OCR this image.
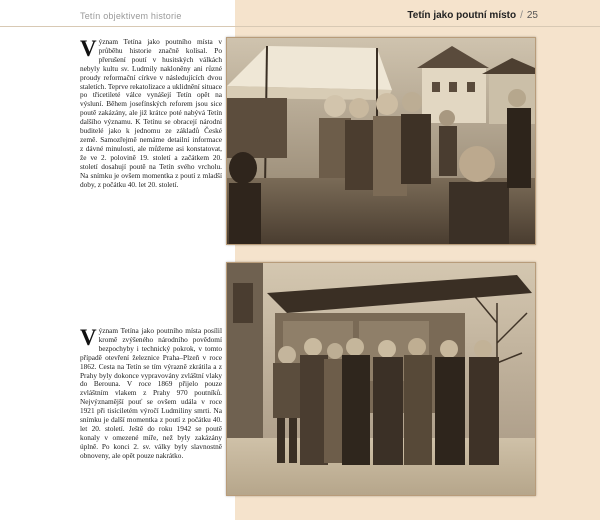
Tetín objektivem historie	Tetín jako poutní místo / 25
Význam Tetína jako poutního místa v průběhu historie značně kolísal. Po přerušení poutí v husitských válkách nebyly kultu sv. Ludmily nakloněny ani různé proudy reformační církve v následujících dvou staletích. Teprve rekatolizace a uklidnění situace po třicetileté válce vynášejí Tetín opět na výsluní. Během josefínských reforem jsou sice poutě zakázány, ale již krátce poté nabývá Tetín dalšího významu. K Tetínu se obracejí národní buditelé jako k jednomu ze základů České země. Samozřejmě nemáme detailní informace z dávné minulosti, ale můžeme asi konstatovat, že ve 2. polovině 19. století a začátkem 20. století dosahují poutě na Tetín svého vrcholu. Na snímku je ovšem momentka z poutí z mladší doby, z počátku 40. let 20. století.
Význam Tetína jako poutního místa posílil kromě zvýšeného národního povědomí bezpochyby i technický pokrok, v tomto případě otevření železnice Praha–Plzeň v roce 1862. Cesta na Tetín se tím výrazně zkrátila a z Prahy byly dokonce vypravovány zvláštní vlaky do Berouna. V roce 1869 přijelo pouze zvláštním vlakem z Prahy 970 poutníků. Nejvýznamější pouť se ovšem udála v roce 1921 při tisíciletém výročí Ludmiliny smrti. Na snímku je další momentka z poutí z počátku 40. let 20. století. Ještě do roku 1942 se poutě konaly v omezené míře, než byly zakázány úplně. Po konci 2. sv. války byly slavnostně obnoveny, ale opět pouze nakrátko.
